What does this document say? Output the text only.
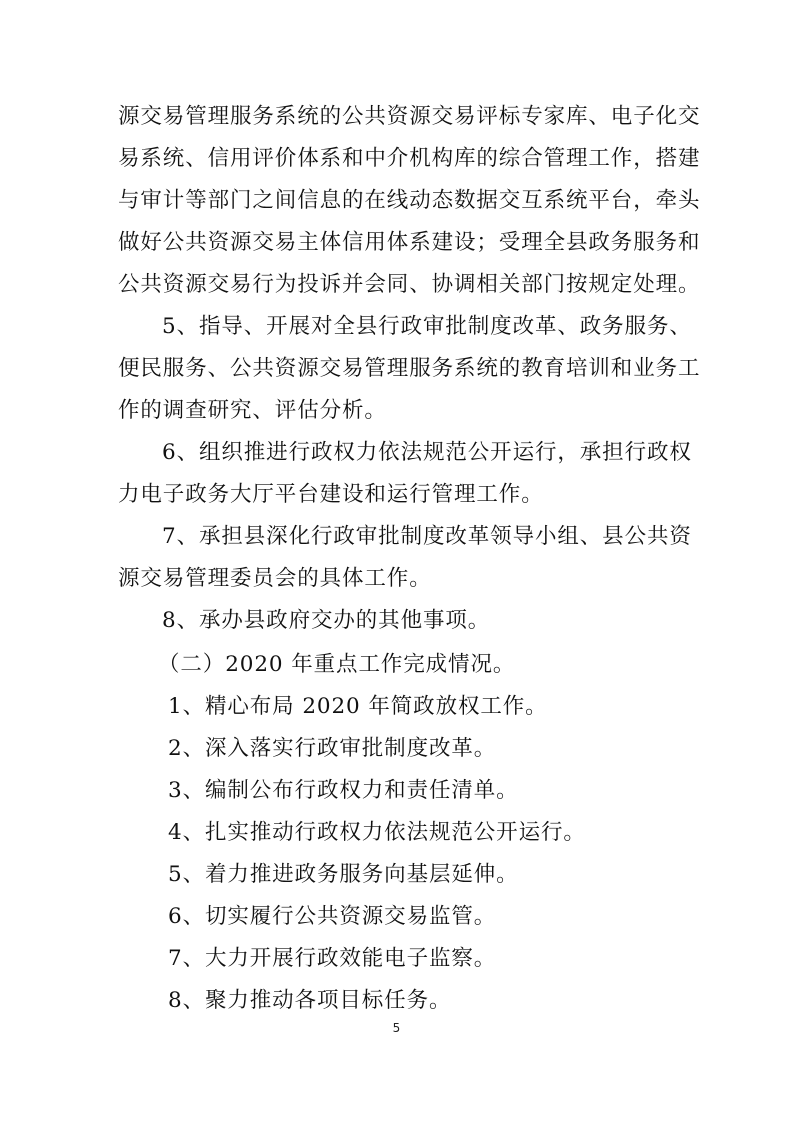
源交易管理服务系统的公共资源交易评标专家库、电子化交
易系统、信用评价体系和中介机构库的综合管理工作，搭建
与审计等部门之间信息的在线动态数据交互系统平台，牵头
做好公共资源交易主体信用体系建设；受理全县政务服务和
公共资源交易行为投诉并会同、协调相关部门按规定处理。
5、指导、开展对全县行政审批制度改革、政务服务、
便民服务、公共资源交易管理服务系统的教育培训和业务工
作的调查研究、评估分析。
6、组织推进行政权力依法规范公开运行，承担行政权
力电子政务大厅平台建设和运行管理工作。
7、承担县深化行政审批制度改革领导小组、县公共资
源交易管理委员会的具体工作。
8、承办县政府交办的其他事项。
（二）2020 年重点工作完成情况。
1、精心布局 2020 年简政放权工作。
2、深入落实行政审批制度改革。
3、编制公布行政权力和责任清单。
4、扎实推动行政权力依法规范公开运行。
5、着力推进政务服务向基层延伸。
6、切实履行公共资源交易监管。
7、大力开展行政效能电子监察。
8、聚力推动各项目标任务。
5
